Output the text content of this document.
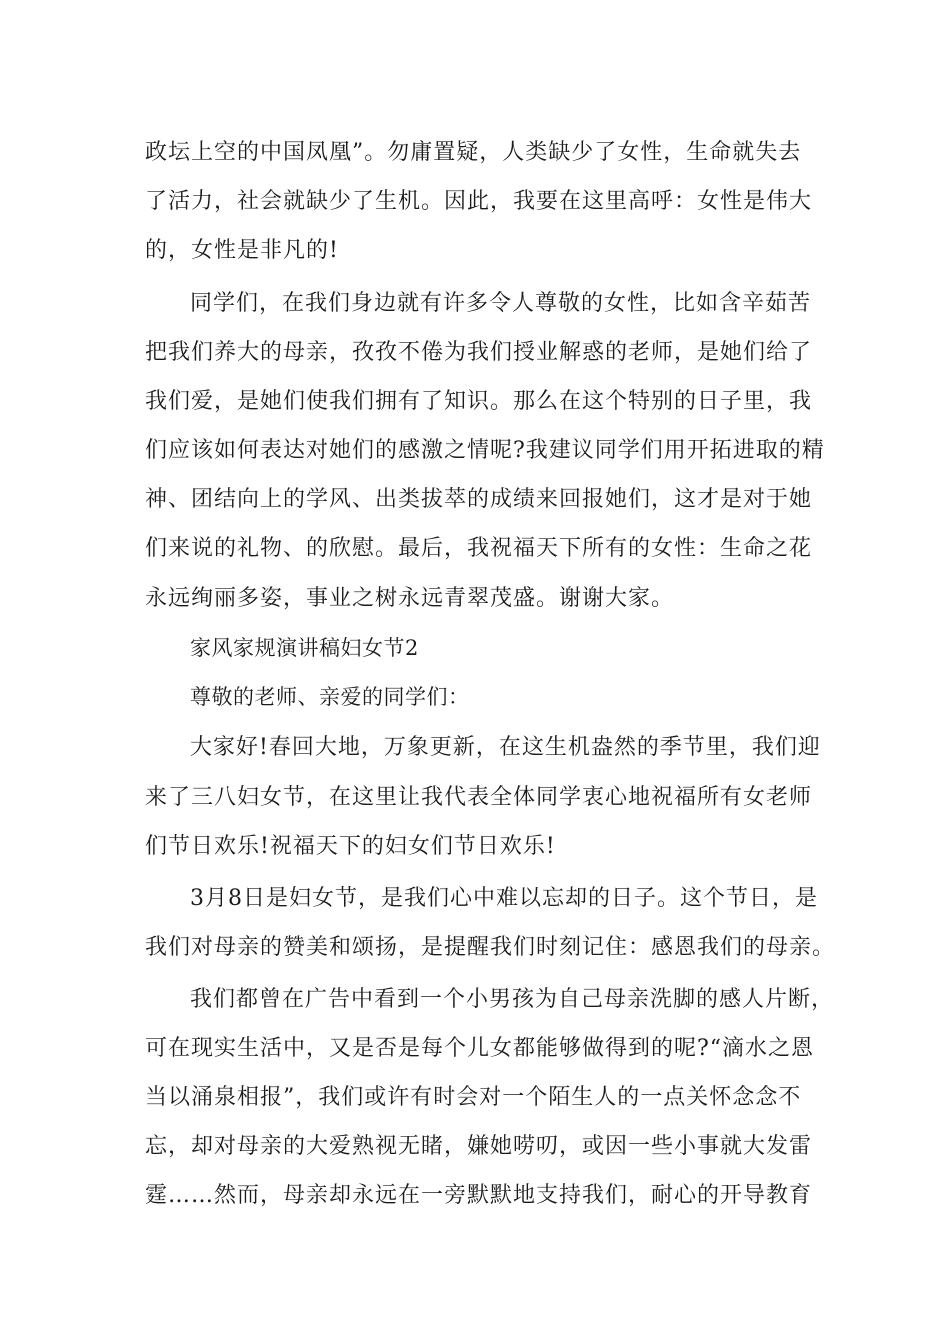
政坛上空的中国凤凰”。勿庸置疑，人类缺少了女性，生命就失去

了活力，社会就缺少了生机。因此，我要在这里高呼：女性是伟大

的，女性是非凡的!

同学们，在我们身边就有许多令人尊敬的女性，比如含辛茹苦

把我们养大的母亲，孜孜不倦为我们授业解惑的老师，是她们给了

我们爱，是她们使我们拥有了知识。那么在这个特别的日子里，我

们应该如何表达对她们的感激之情呢?我建议同学们用开拓进取的精

神、团结向上的学风、出类拔萃的成绩来回报她们，这才是对于她

们来说的礼物、的欣慰。最后，我祝福天下所有的女性：生命之花

永远绚丽多姿，事业之树永远青翠茂盛。谢谢大家。

家风家规演讲稿妇女节2

尊敬的老师、亲爱的同学们：

大家好!春回大地，万象更新，在这生机盎然的季节里，我们迎

来了三八妇女节，在这里让我代表全体同学衷心地祝福所有女老师

们节日欢乐!祝福天下的妇女们节日欢乐!

3月8日是妇女节，是我们心中难以忘却的日子。这个节日，是

我们对母亲的赞美和颂扬，是提醒我们时刻记住：感恩我们的母亲。

我们都曾在广告中看到一个小男孩为自己母亲洗脚的感人片断，

可在现实生活中，又是否是每个儿女都能够做得到的呢?“滴水之恩

当以涌泉相报”，我们或许有时会对一个陌生人的一点关怀念念不

忘，却对母亲的大爱熟视无睹，嫌她唠叨，或因一些小事就大发雷

霆……然而，母亲却永远在一旁默默地支持我们，耐心的开导教育
